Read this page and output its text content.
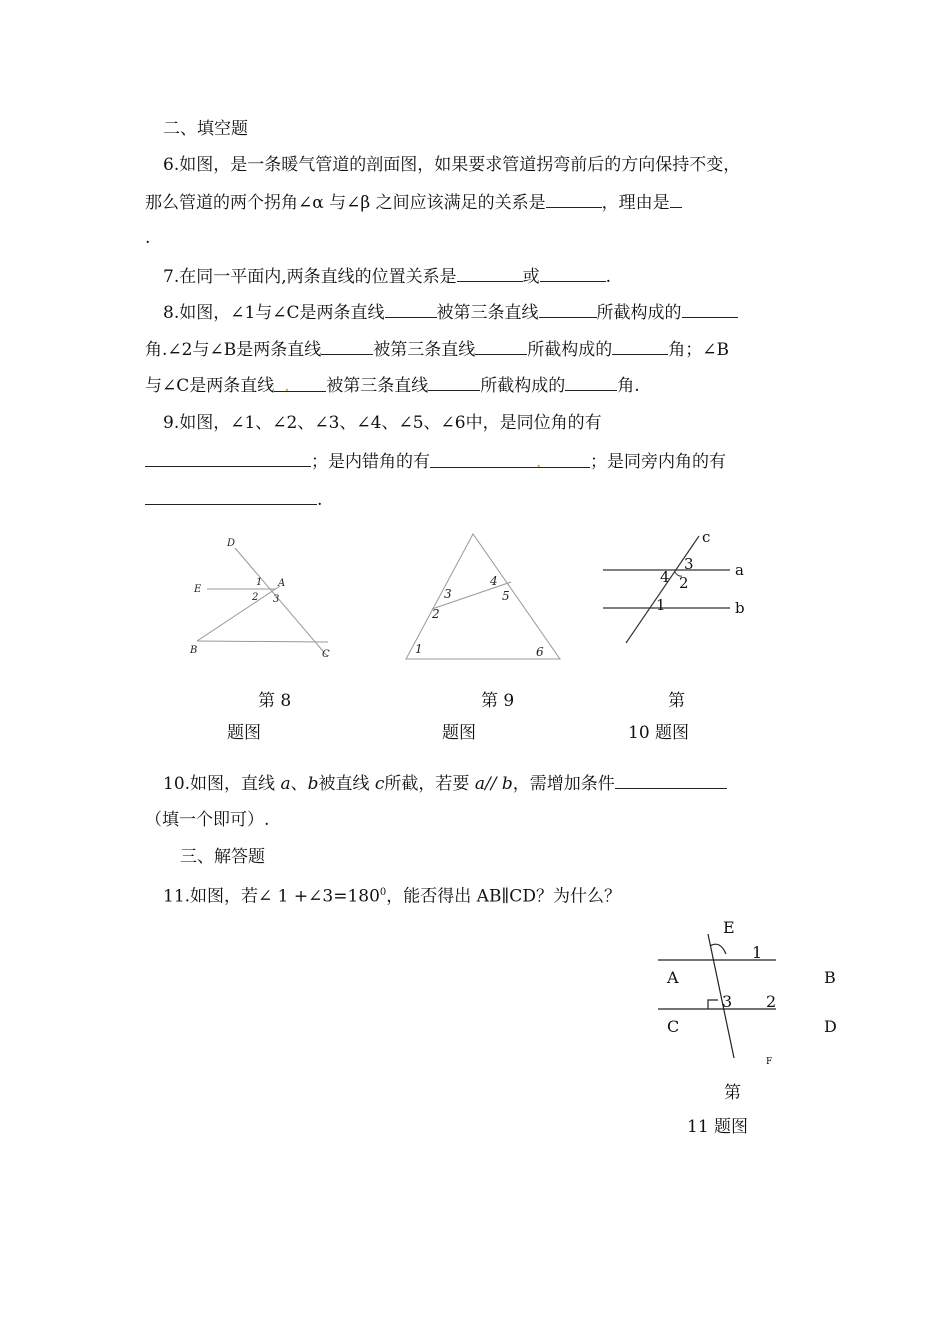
二、填空题
6.如图，是一条暖气管道的剖面图，如果要求管道拐弯前后的方向保持不变，
那么管道的两个拐角∠α 与∠β 之间应该满足的关系是	，理由是
.
7.在同一平面内,两条直线的位置关系是	或	.
8.如图，∠1与∠C是两条直线	被第三条直线	所截构成的
角.∠2与∠B是两条直线	被第三条直线	所截构成的	角；∠B
与∠C是两条直线 . 被第三条直线	所截构成的	角.
9.如图，∠1、∠2、∠3、∠4、∠5、∠6中，是同位角的有
；是内错角的有	.	；是同旁内角的有
.
D
E
A
1
2 3
B	C
第 8
题图
1
2
3
4
5
6
第 9
题图
c
a
b
3
4 2
1
第
10 题图
10.如图，直线 a、b被直线 c所截，若要 a// b，需增加条件
（填一个即可）.
三、解答题
11.如图，若∠ $1 +\angle 3=180^0$，能否得出 AB∥CD？为什么？
E
1
A	B
3 2
C	D
F
第
11 题图
